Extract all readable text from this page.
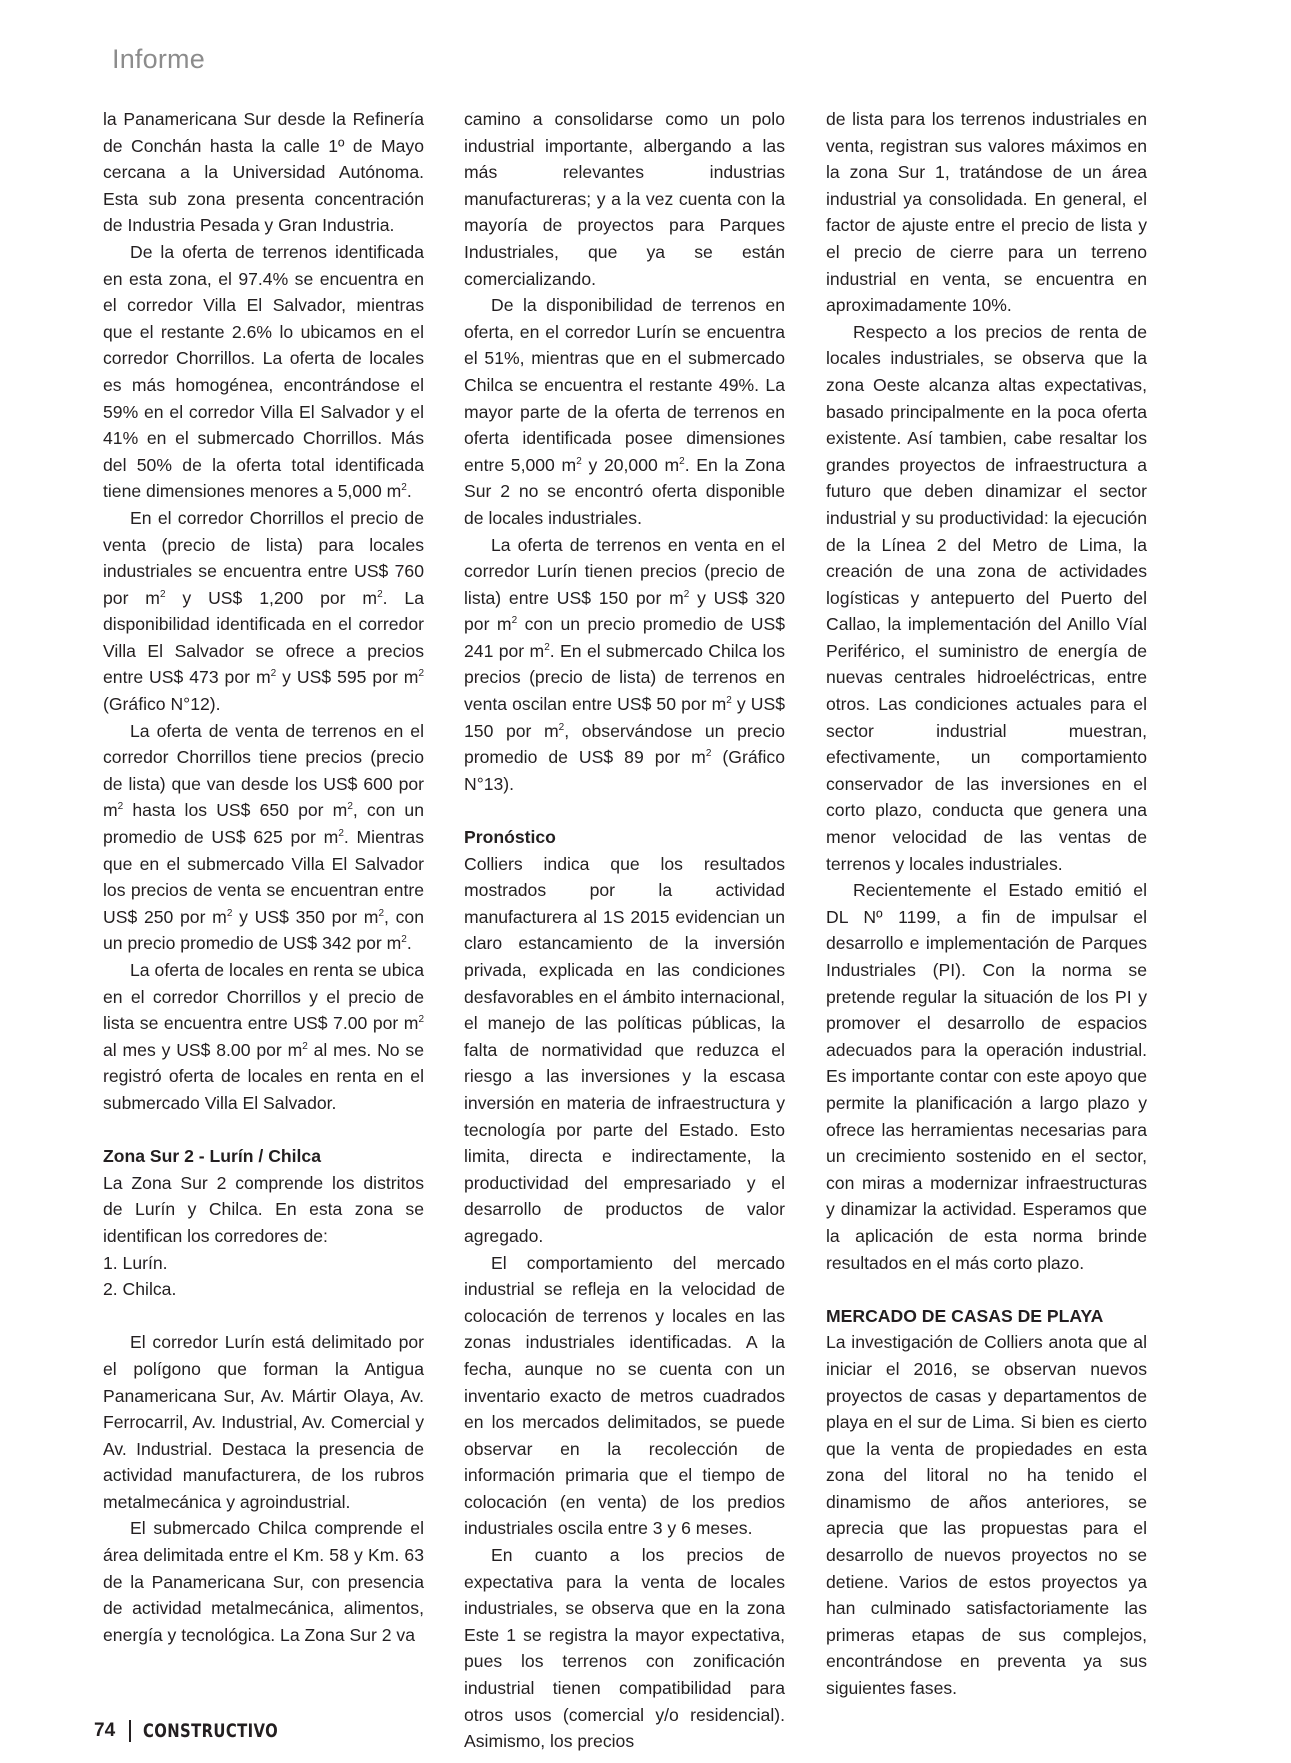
Informe

la Panamericana Sur desde la Refinería de Conchán hasta la calle 1º de Mayo cercana a la Universidad Autónoma. Esta sub zona presenta concentración de Industria Pesada y Gran Industria.

De la oferta de terrenos identificada en esta zona, el 97.4% se encuentra en el corredor Villa El Salvador, mientras que el restante 2.6% lo ubicamos en el corredor Chorrillos. La oferta de locales es más homogénea, encontrándose el 59% en el corredor Villa El Salvador y el 41% en el submercado Chorrillos. Más del 50% de la oferta total identificada tiene dimensiones menores a 5,000 $m^2$.

En el corredor Chorrillos el precio de venta (precio de lista) para locales industriales se encuentra entre US$ 760 por $m^2$ y US$ 1,200 por $m^2$. La disponibilidad identificada en el corredor Villa El Salvador se ofrece a precios entre US$ 473 por $m^2$ y US$ 595 por $m^2$ (Gráfico N°12).

La oferta de venta de terrenos en el corredor Chorrillos tiene precios (precio de lista) que van desde los US$ 600 por $m^2$ hasta los US$ 650 por $m^2$, con un promedio de US$ 625 por $m^2$. Mientras que en el submercado Villa El Salvador los precios de venta se encuentran entre US$ 250 por $m^2$ y US$ 350 por $m^2$, con un precio promedio de US$ 342 por $m^2$.

La oferta de locales en renta se ubica en el corredor Chorrillos y el precio de lista se encuentra entre US$ 7.00 por $m^2$ al mes y US$ 8.00 por $m^2$ al mes. No se registró oferta de locales en renta en el submercado Villa El Salvador.

Zona Sur 2 - Lurín / Chilca

La Zona Sur 2 comprende los distritos de Lurín y Chilca. En esta zona se identifican los corredores de:

1. Lurín.

2. Chilca.

El corredor Lurín está delimitado por el polígono que forman la Antigua Panamericana Sur, Av. Mártir Olaya, Av. Ferrocarril, Av. Industrial, Av. Comercial y Av. Industrial. Destaca la presencia de actividad manufacturera, de los rubros metalmecánica y agroindustrial.

El submercado Chilca comprende el área delimitada entre el Km. 58 y Km. 63 de la Panamericana Sur, con presencia de actividad metalmecánica, alimentos, energía y tecnológica. La Zona Sur 2 va

camino a consolidarse como un polo industrial importante, albergando a las más relevantes industrias manufactureras; y a la vez cuenta con la mayoría de proyectos para Parques Industriales, que ya se están comercializando.

De la disponibilidad de terrenos en oferta, en el corredor Lurín se encuentra el 51%, mientras que en el submercado Chilca se encuentra el restante 49%. La mayor parte de la oferta de terrenos en oferta identificada posee dimensiones entre 5,000 $m^2$ y 20,000 $m^2$. En la Zona Sur 2 no se encontró oferta disponible de locales industriales.

La oferta de terrenos en venta en el corredor Lurín tienen precios (precio de lista) entre US$ 150 por $m^2$ y US$ 320 por $m^2$ con un precio promedio de US$ 241 por $m^2$. En el submercado Chilca los precios (precio de lista) de terrenos en venta oscilan entre US$ 50 por $m^2$ y US$ 150 por $m^2$, observándose un precio promedio de US$ 89 por $m^2$ (Gráfico N°13).

Pronóstico

Colliers indica que los resultados mostrados por la actividad manufacturera al 1S 2015 evidencian un claro estancamiento de la inversión privada, explicada en las condiciones desfavorables en el ámbito internacional, el manejo de las políticas públicas, la falta de normatividad que reduzca el riesgo a las inversiones y la escasa inversión en materia de infraestructura y tecnología por parte del Estado. Esto limita, directa e indirectamente, la productividad del empresariado y el desarrollo de productos de valor agregado.

El comportamiento del mercado industrial se refleja en la velocidad de colocación de terrenos y locales en las zonas industriales identificadas. A la fecha, aunque no se cuenta con un inventario exacto de metros cuadrados en los mercados delimitados, se puede observar en la recolección de información primaria que el tiempo de colocación (en venta) de los predios industriales oscila entre 3 y 6 meses.

En cuanto a los precios de expectativa para la venta de locales industriales, se observa que en la zona Este 1 se registra la mayor expectativa, pues los terrenos con zonificación industrial tienen compatibilidad para otros usos (comercial y/o residencial). Asimismo, los precios

de lista para los terrenos industriales en venta, registran sus valores máximos en la zona Sur 1, tratándose de un área industrial ya consolidada. En general, el factor de ajuste entre el precio de lista y el precio de cierre para un terreno industrial en venta, se encuentra en aproximadamente 10%.

Respecto a los precios de renta de locales industriales, se observa que la zona Oeste alcanza altas expectativas, basado principalmente en la poca oferta existente. Así tambien, cabe resaltar los grandes proyectos de infraestructura a futuro que deben dinamizar el sector industrial y su productividad: la ejecución de la Línea 2 del Metro de Lima, la creación de una zona de actividades logísticas y antepuerto del Puerto del Callao, la implementación del Anillo Víal Periférico, el suministro de energía de nuevas centrales hidroeléctricas, entre otros. Las condiciones actuales para el sector industrial muestran, efectivamente, un comportamiento conservador de las inversiones en el corto plazo, conducta que genera una menor velocidad de las ventas de terrenos y locales industriales.

Recientemente el Estado emitió el DL Nº 1199, a fin de impulsar el desarrollo e implementación de Parques Industriales (PI). Con la norma se pretende regular la situación de los PI y promover el desarrollo de espacios adecuados para la operación industrial. Es importante contar con este apoyo que permite la planificación a largo plazo y ofrece las herramientas necesarias para un crecimiento sostenido en el sector, con miras a modernizar infraestructuras y dinamizar la actividad. Esperamos que la aplicación de esta norma brinde resultados en el más corto plazo.

MERCADO DE CASAS DE PLAYA

La investigación de Colliers anota que al iniciar el 2016, se observan nuevos proyectos de casas y departamentos de playa en el sur de Lima. Si bien es cierto que la venta de propiedades en esta zona del litoral no ha tenido el dinamismo de años anteriores, se aprecia que las propuestas para el desarrollo de nuevos proyectos no se detiene. Varios de estos proyectos ya han culminado satisfactoriamente las primeras etapas de sus complejos, encontrándose en preventa ya sus siguientes fases.

74 CONSTRUCTIVO
